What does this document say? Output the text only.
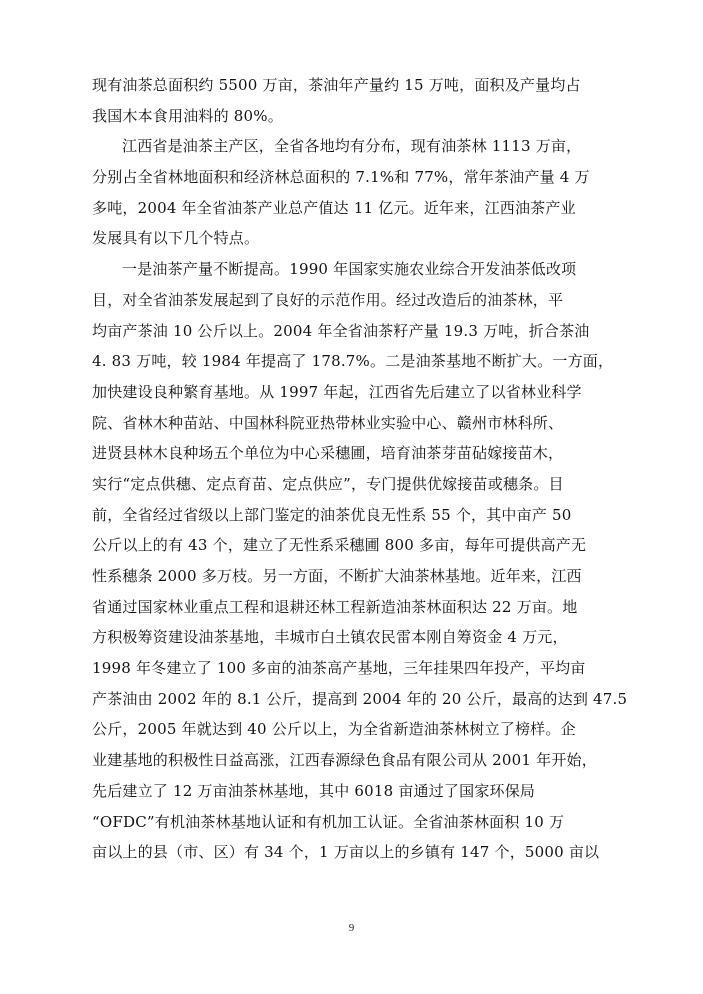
现有油茶总面积约 5500 万亩，茶油年产量约 15 万吨，面积及产量均占
我国木本食用油料的 80%。
江西省是油茶主产区，全省各地均有分布，现有油茶林 1113 万亩，
分别占全省林地面积和经济林总面积的 7.1%和 77%，常年茶油产量 4 万
多吨，2004 年全省油茶产业总产值达 11 亿元。近年来，江西油茶产业
发展具有以下几个特点。
一是油茶产量不断提高。1990 年国家实施农业综合开发油茶低改项
目，对全省油茶发展起到了良好的示范作用。经过改造后的油茶林，平
均亩产茶油 10 公斤以上。2004 年全省油茶籽产量 19.3 万吨，折合茶油
4. 83 万吨，较 1984 年提高了 178.7%。二是油茶基地不断扩大。一方面，
加快建设良种繁育基地。从 1997 年起，江西省先后建立了以省林业科学
院、省林木种苗站、中国林科院亚热带林业实验中心、赣州市林科所、
进贤县林木良种场五个单位为中心采穗圃，培育油茶芽苗砧嫁接苗木，
实行“定点供穗、定点育苗、定点供应”，专门提供优嫁接苗或穗条。目
前，全省经过省级以上部门鉴定的油茶优良无性系 55 个，其中亩产 50
公斤以上的有 43 个，建立了无性系采穗圃 800 多亩，每年可提供高产无
性系穗条 2000 多万枝。另一方面，不断扩大油茶林基地。近年来，江西
省通过国家林业重点工程和退耕还林工程新造油茶林面积达 22 万亩。地
方积极筹资建设油茶基地，丰城市白土镇农民雷本刚自筹资金 4 万元，
1998 年冬建立了 100 多亩的油茶高产基地，三年挂果四年投产，平均亩
产茶油由 2002 年的 8.1 公斤，提高到 2004 年的 20 公斤，最高的达到 47.5
公斤，2005 年就达到 40 公斤以上，为全省新造油茶林树立了榜样。企
业建基地的积极性日益高涨，江西春源绿色食品有限公司从 2001 年开始，
先后建立了 12 万亩油茶林基地，其中 6018 亩通过了国家环保局
“OFDC”有机油茶林基地认证和有机加工认证。全省油茶林面积 10 万
亩以上的县（市、区）有 34 个，1 万亩以上的乡镇有 147 个，5000 亩以
9
